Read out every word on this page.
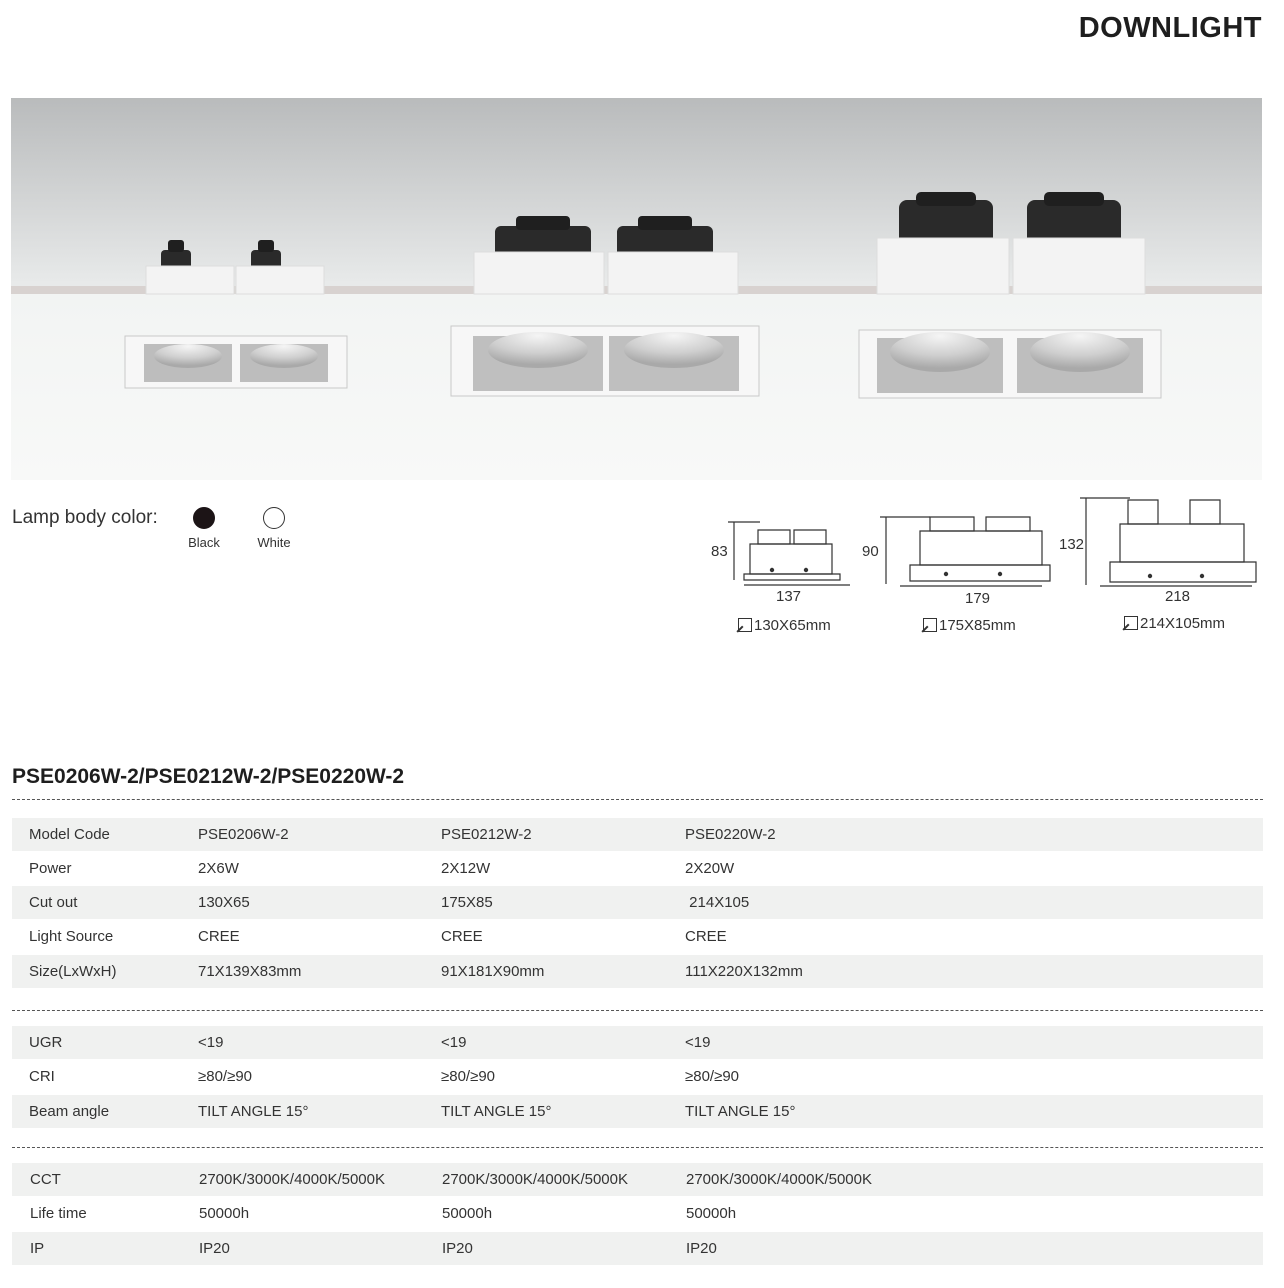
DOWNLIGHT
Lamp body color:
Black	White
83
137
130X65mm
90
179
175X85mm
132
218
214X105mm
PSE0206W-2/PSE0212W-2/PSE0220W-2
Model Code	PSE0206W-2	PSE0212W-2	PSE0220W-2
Power	2X6W	2X12W	2X20W
Cut out	130X65	175X85	214X105
Light Source	CREE	CREE	CREE
Size(LxWxH)	71X139X83mm	91X181X90mm	111X220X132mm
UGR	<19	<19	<19
CRI	≥80/≥90	≥80/≥90	≥80/≥90
Beam angle	TILT ANGLE 15°	TILT ANGLE 15°	TILT ANGLE 15°
CCT	2700K/3000K/4000K/5000K	2700K/3000K/4000K/5000K	2700K/3000K/4000K/5000K
Life time	50000h	50000h	50000h
IP	IP20	IP20	IP20
